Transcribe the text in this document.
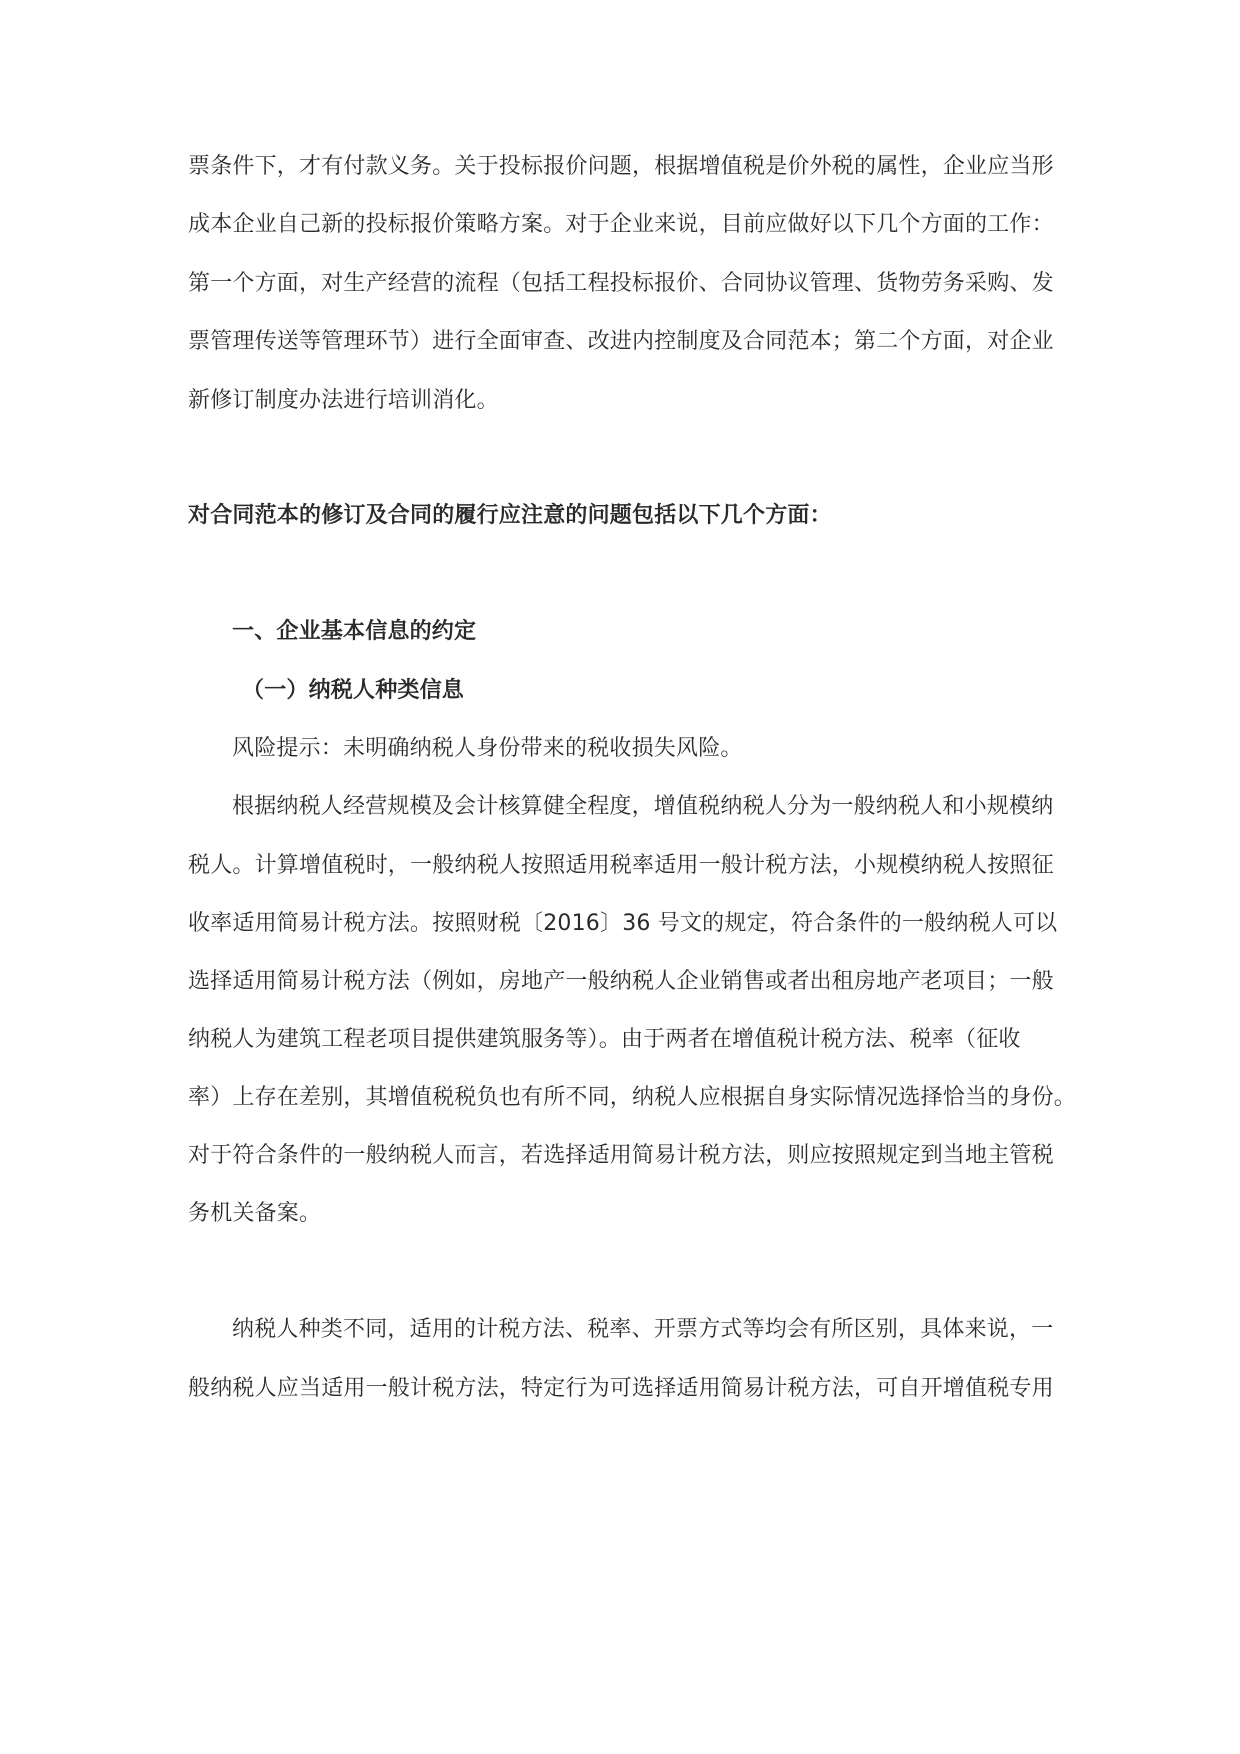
票条件下，才有付款义务。关于投标报价问题，根据增值税是价外税的属性，企业应当形
成本企业自己新的投标报价策略方案。对于企业来说，目前应做好以下几个方面的工作：
第一个方面，对生产经营的流程（包括工程投标报价、合同协议管理、货物劳务采购、发
票管理传送等管理环节）进行全面审查、改进内控制度及合同范本；第二个方面，对企业
新修订制度办法进行培训消化。
对合同范本的修订及合同的履行应注意的问题包括以下几个方面：
一、企业基本信息的约定
（一）纳税人种类信息
风险提示：未明确纳税人身份带来的税收损失风险。
根据纳税人经营规模及会计核算健全程度，增值税纳税人分为一般纳税人和小规模纳
税人。计算增值税时，一般纳税人按照适用税率适用一般计税方法，小规模纳税人按照征
收率适用简易计税方法。按照财税〔2016〕36 号文的规定，符合条件的一般纳税人可以
选择适用简易计税方法（例如，房地产一般纳税人企业销售或者出租房地产老项目；一般
纳税人为建筑工程老项目提供建筑服务等）。由于两者在增值税计税方法、税率（征收
率）上存在差别，其增值税税负也有所不同，纳税人应根据自身实际情况选择恰当的身份。
对于符合条件的一般纳税人而言，若选择适用简易计税方法，则应按照规定到当地主管税
务机关备案。
纳税人种类不同，适用的计税方法、税率、开票方式等均会有所区别，具体来说，一
般纳税人应当适用一般计税方法，特定行为可选择适用简易计税方法，可自开增值税专用
